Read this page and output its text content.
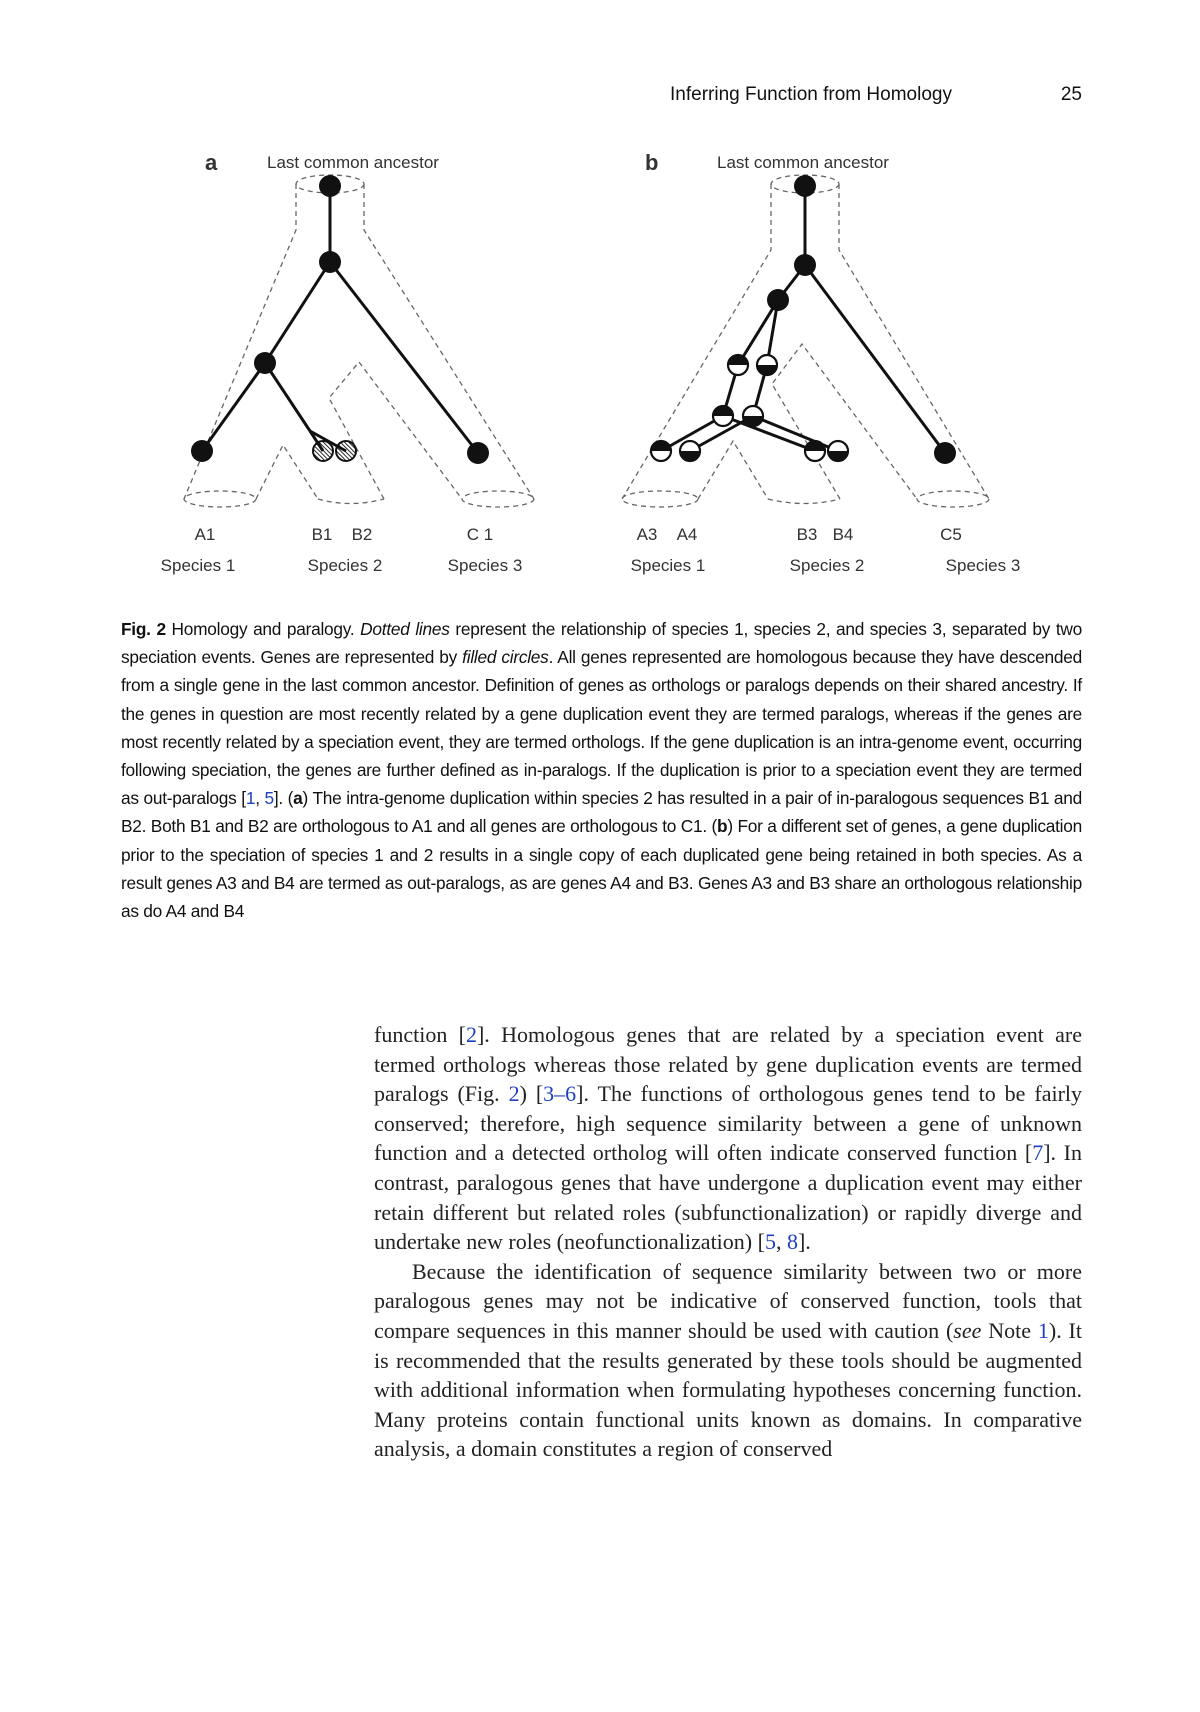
Inferring Function from Homology	25
a	Last common ancestor
A1	B1 B2	C 1
Species 1	Species 2	Species 3
b	Last common ancestor
A3 A4	B3 B4	C5
Species 1	Species 2	Species 3
Fig. 2 Homology and paralogy. Dotted lines represent the relationship of species 1, species 2, and species 3, separated by two speciation events. Genes are represented by filled circles. All genes represented are homologous because they have descended from a single gene in the last common ancestor. Definition of genes as orthologs or paralogs depends on their shared ancestry. If the genes in question are most recently related by a gene duplication event they are termed paralogs, whereas if the genes are most recently related by a speciation event, they are termed orthologs. If the gene duplication is an intra-genome event, occurring following speciation, the genes are further defined as in-paralogs. If the duplication is prior to a speciation event they are termed as out-paralogs [1, 5]. (a) The intra-genome duplication within species 2 has resulted in a pair of in-paralogous sequences B1 and B2. Both B1 and B2 are orthologous to A1 and all genes are orthologous to C1. (b) For a different set of genes, a gene duplication prior to the speciation of species 1 and 2 results in a single copy of each duplicated gene being retained in both species. As a result genes A3 and B4 are termed as out-paralogs, as are genes A4 and B3. Genes A3 and B3 share an orthologous relationship as do A4 and B4

function [2]. Homologous genes that are related by a speciation event are termed orthologs whereas those related by gene duplication events are termed paralogs (Fig. 2) [3–6]. The functions of orthologous genes tend to be fairly conserved; therefore, high sequence similarity between a gene of unknown function and a detected ortholog will often indicate conserved function [7]. In contrast, paralogous genes that have undergone a duplication event may either retain different but related roles (subfunctionalization) or rapidly diverge and undertake new roles (neofunctionalization) [5, 8].

Because the identification of sequence similarity between two or more paralogous genes may not be indicative of conserved function, tools that compare sequences in this manner should be used with caution (see Note 1). It is recommended that the results generated by these tools should be augmented with additional information when formulating hypotheses concerning function. Many proteins contain functional units known as domains. In comparative analysis, a domain constitutes a region of conserved
